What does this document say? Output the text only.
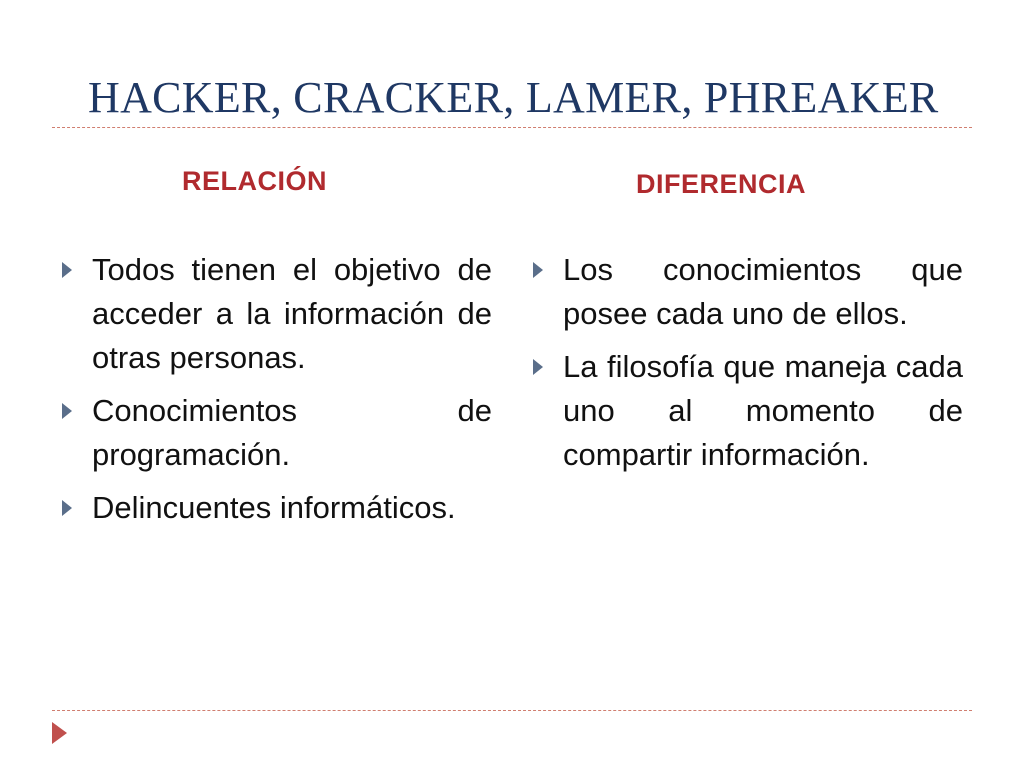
HACKER, CRACKER, LAMER, PHREAKER
RELACIÓN	DIFERENCIA
Todos tienen el objetivo de acceder a la información de otras personas.
Conocimientos de programación.
Delincuentes informáticos.
Los conocimientos que posee cada uno de ellos.
La filosofía que maneja cada uno al momento de compartir información.
